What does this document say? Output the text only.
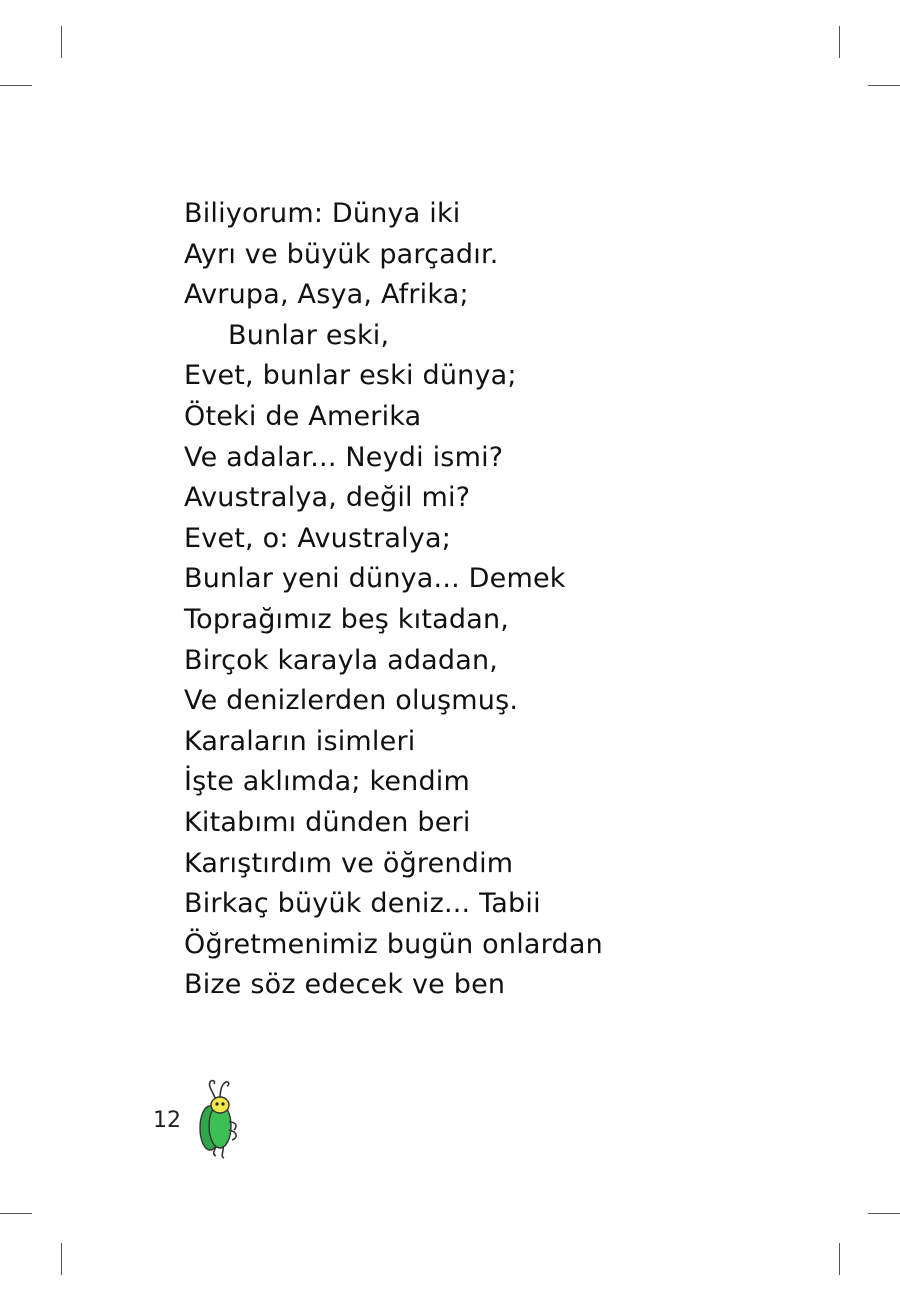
Biliyorum: Dünya iki
Ayrı ve büyük parçadır.
Avrupa, Asya, Afrika;
Bunlar eski,
Evet, bunlar eski dünya;
Öteki de Amerika
Ve adalar... Neydi ismi?
Avustralya, değil mi?
Evet, o: Avustralya;
Bunlar yeni dünya... Demek
Toprağımız beş kıtadan,
Birçok karayla adadan,
Ve denizlerden oluşmuş.
Karaların isimleri
İşte aklımda; kendim
Kitabımı dünden beri
Karıştırdım ve öğrendim
Birkaç büyük deniz... Tabii
Öğretmenimiz bugün onlardan
Bize söz edecek ve ben
12
